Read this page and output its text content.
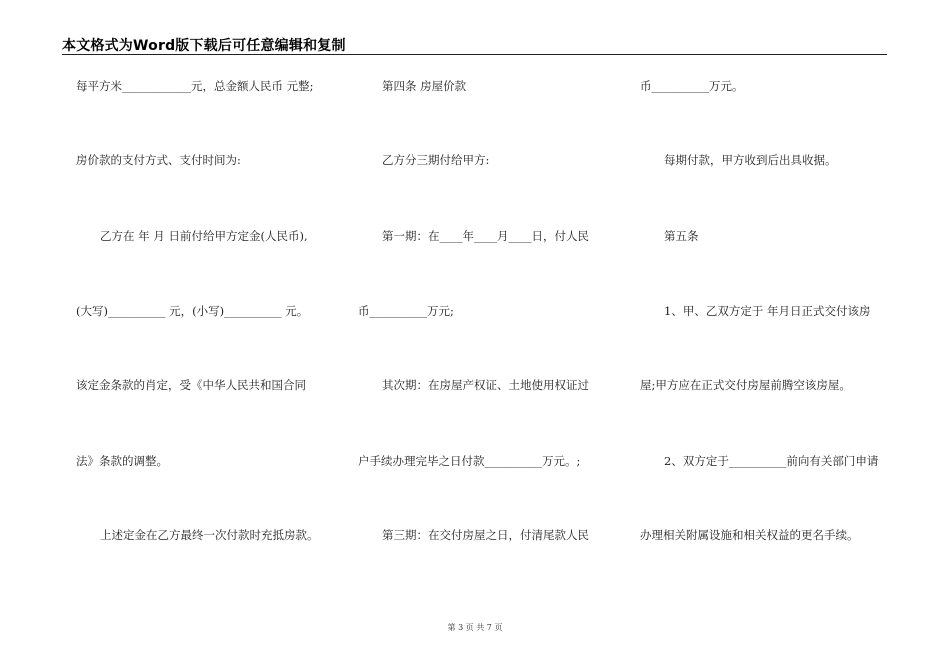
本文格式为Word版下载后可任意编辑和复制
每平方米____________元，总金额人民币 元整;
房价款的支付方式、支付时间为:
乙方在 年 月 日前付给甲方定金(人民币),
(大写)__________ 元，(小写)__________ 元。
该定金条款的肖定，受《中华人民共和国合同
法》条款的调整。
上述定金在乙方最终一次付款时充抵房款。
第四条 房屋价款
乙方分三期付给甲方:
第一期：在____年____月____日，付人民
币__________万元;
其次期：在房屋产权证、土地使用权证过
户手续办理完毕之日付款__________万元。;
第三期：在交付房屋之日，付清尾款人民
币__________万元。
每期付款，甲方收到后出具收据。
第五条
1、甲、乙双方定于 年月日正式交付该房
屋;甲方应在正式交付房屋前腾空该房屋。
2、双方定于__________前向有关部门申请
办理相关附属设施和相关权益的更名手续。
第 3 页 共 7 页
